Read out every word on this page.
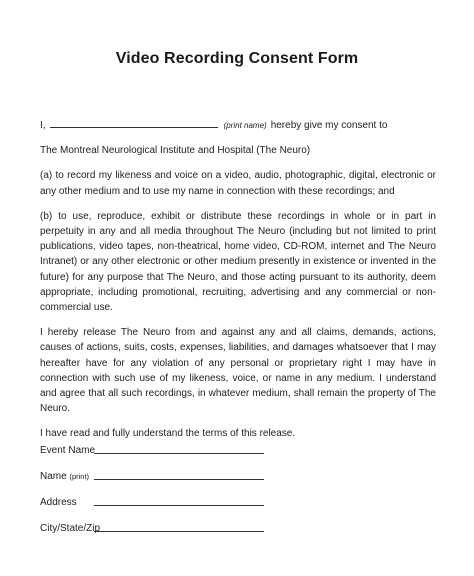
Video Recording Consent Form

I,	(print name) hereby give my consent to

The Montreal Neurological Institute and Hospital (The Neuro)

(a) to record my likeness and voice on a video, audio, photographic, digital, electronic or any other medium and to use my name in connection with these recordings; and

(b) to use, reproduce, exhibit or distribute these recordings in whole or in part in perpetuity in any and all media throughout The Neuro (including but not limited to print publications, video tapes, non-theatrical, home video, CD-ROM, internet and The Neuro Intranet) or any other electronic or other medium presently in existence or invented in the future) for any purpose that The Neuro, and those acting pursuant to its authority, deem appropriate, including promotional, recruiting, advertising and any commercial or non-commercial use.

I hereby release The Neuro from and against any and all claims, demands, actions, causes of actions, suits, costs, expenses, liabilities, and damages whatsoever that I may hereafter have for any violation of any personal or proprietary right I may have in connection with such use of my likeness, voice, or name in any medium. I understand and agree that all such recordings, in whatever medium, shall remain the property of The Neuro.

I have read and fully understand the terms of this release.

Event Name
Name (print)
Address
City/State/Zip
